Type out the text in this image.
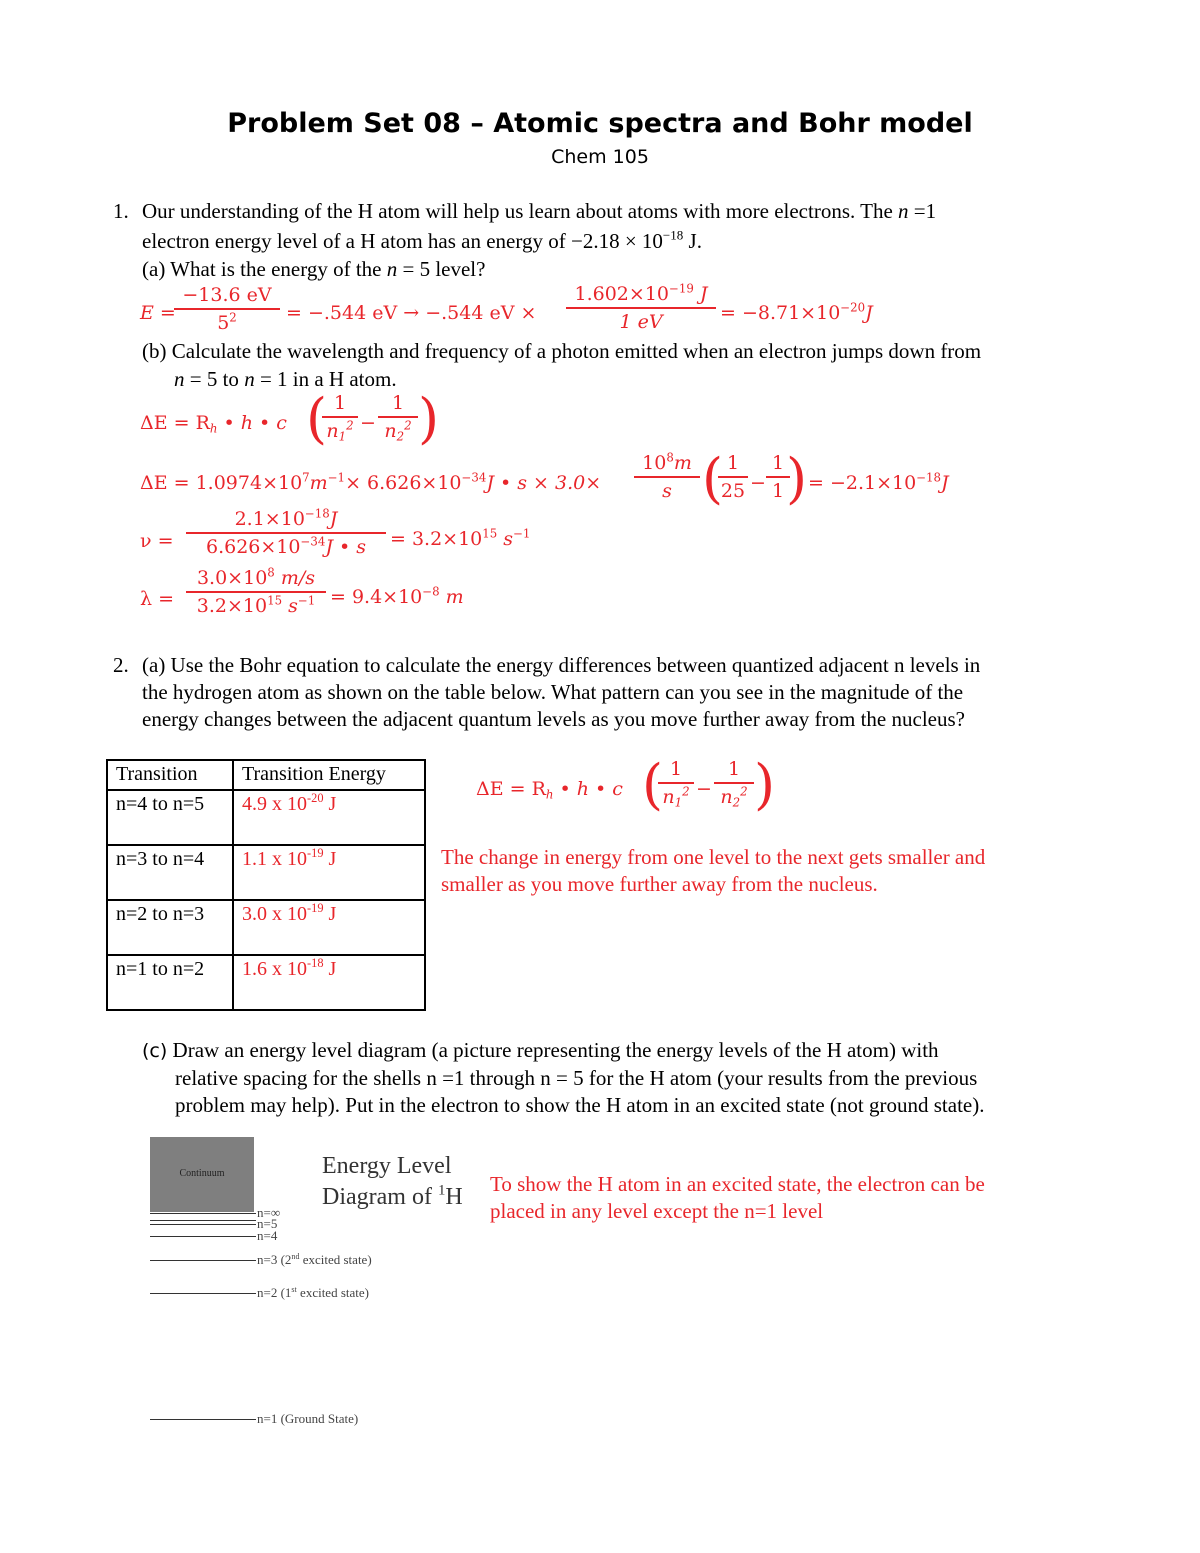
Problem Set 08 – Atomic spectra and Bohr model
Chem 105
1. Our understanding of the H atom will help us learn about atoms with more electrons. The n =1
electron energy level of a H atom has an energy of $-2.18 \times 10^{-18}$ J.
(a) What is the energy of the n = 5 level?
E =
$\frac{-13.6 eV}{5^2} = -.544$ eV → −.544 eV × $\frac{1.602\times 10^{-19} J}{1 eV} = -8.71\times 10^{-20}J$
(b) Calculate the wavelength and frequency of a photon emitted when an electron jumps down from
n = 5 to n = 1 in a H atom.
$\Delta E = R_h$ • h • c (
$\frac{1}{n_1^2} - \frac{1}{n_2^2}$ )
$\Delta E = 1.0974\times 10^7m^{-1}\times 6.626\times 10^{-34}J$ • $s \times 3.0\times \frac{10^8m}{s}$ (
$\frac{1}{25} - \frac{1}{1}$
) = $-2.1\times 10^{-18}J$
$\nu = \frac{2.1\times 10^{-18}J}{6.626\times 10^{-34}J • s} = 3.2\times 10^{15}$ $s^{-1}$
$\lambda = \frac{3.0\times 10^8 m/s}{3.2\times 10^{15} s^{-1}} = 9.4\times 10^{-8}$ m
2. (a) Use the Bohr equation to calculate the energy differences between quantized adjacent n levels in
the hydrogen atom as shown on the table below. What pattern can you see in the magnitude of the
energy changes between the adjacent quantum levels as you move further away from the nucleus?
Transition	Transition Energy
n=4 to n=5	4.9 x $10^{-20}$ J
n=3 to n=4	1.1 x $10^{-19}$ J
n=2 to n=3	3.0 x $10^{-19}$ J
n=1 to n=2	1.6 x $10^{-18}$ J
$\Delta E = R_h$ • h • c (
$\frac{1}{n_1^2} - \frac{1}{n_2^2}$ )
The change in energy from one level to the next gets smaller and
smaller as you move further away from the nucleus.
(c) Draw an energy level diagram (a picture representing the energy levels of the H atom) with
relative spacing for the shells n =1 through n = 5 for the H atom (your results from the previous
problem may help). Put in the electron to show the H atom in an excited state (not ground state).
Continuum	Energy Level
Diagram of $^1$H
n=∞
n=5
n=4
n=3 (2nd excited state)
n=2 (1st excited state)
n=1 (Ground State)
To show the H atom in an excited state, the electron can be
placed in any level except the n=1 level
